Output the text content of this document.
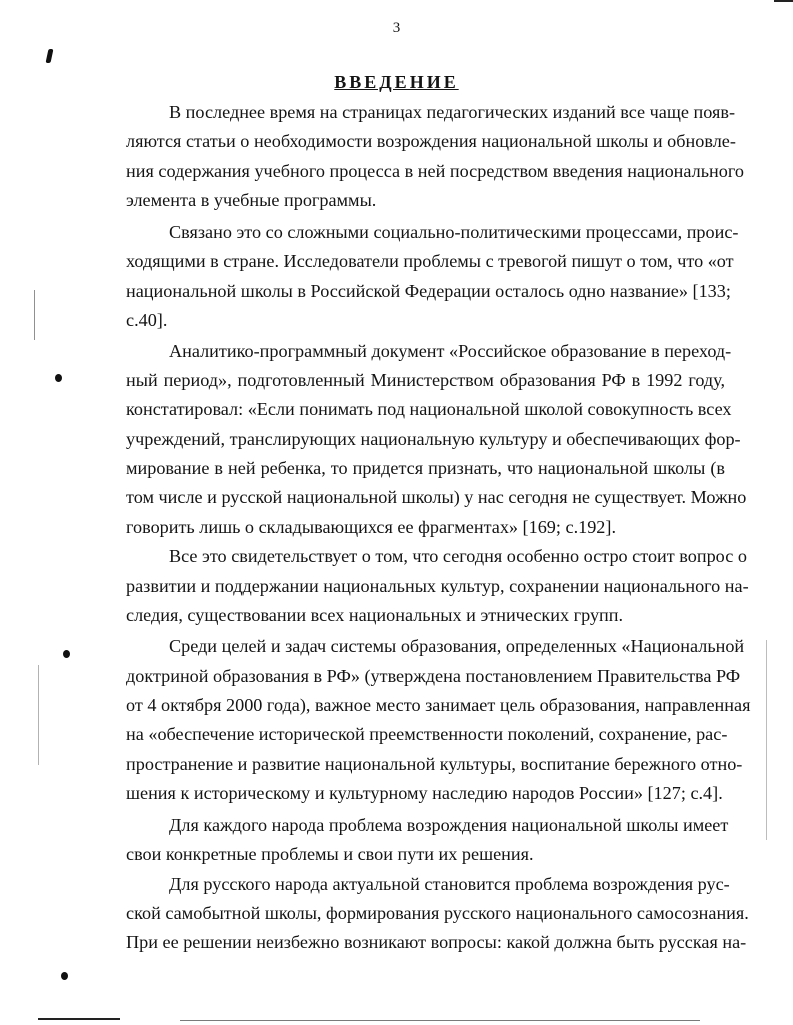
3
ВВЕДЕНИЕ
В последнее время на страницах педагогических изданий все чаще появ-
ляются статьи о необходимости возрождения национальной школы и обновле-
ния содержания учебного процесса в ней посредством введения национального
элемента в учебные программы.
Связано это со сложными социально-политическими процессами, проис-
ходящими в стране. Исследователи проблемы с тревогой пишут о том, что «от
национальной школы в Российской Федерации осталось одно название» [133;
с.40].
Аналитико-программный документ «Российское образование в переход-
ный период», подготовленный Министерством образования РФ в 1992 году,
констатировал: «Если понимать под национальной школой совокупность всех
учреждений, транслирующих национальную культуру и обеспечивающих фор-
мирование в ней ребенка, то придется признать, что национальной школы (в
том числе и русской национальной школы) у нас сегодня не существует. Можно
говорить лишь о складывающихся ее фрагментах» [169; с.192].
Все это свидетельствует о том, что сегодня особенно остро стоит вопрос о
развитии и поддержании национальных культур, сохранении национального на-
следия, существовании всех национальных и этнических групп.
Среди целей и задач системы образования, определенных «Национальной
доктриной образования в РФ» (утверждена постановлением Правительства РФ
от 4 октября 2000 года), важное место занимает цель образования, направленная
на «обеспечение исторической преемственности поколений, сохранение, рас-
пространение и развитие национальной культуры, воспитание бережного отно-
шения к историческому и культурному наследию народов России» [127; с.4].
Для каждого народа проблема возрождения национальной школы имеет
свои конкретные проблемы и свои пути их решения.
Для русского народа актуальной становится проблема возрождения рус-
ской самобытной школы, формирования русского национального самосознания.
При ее решении неизбежно возникают вопросы: какой должна быть русская на-
